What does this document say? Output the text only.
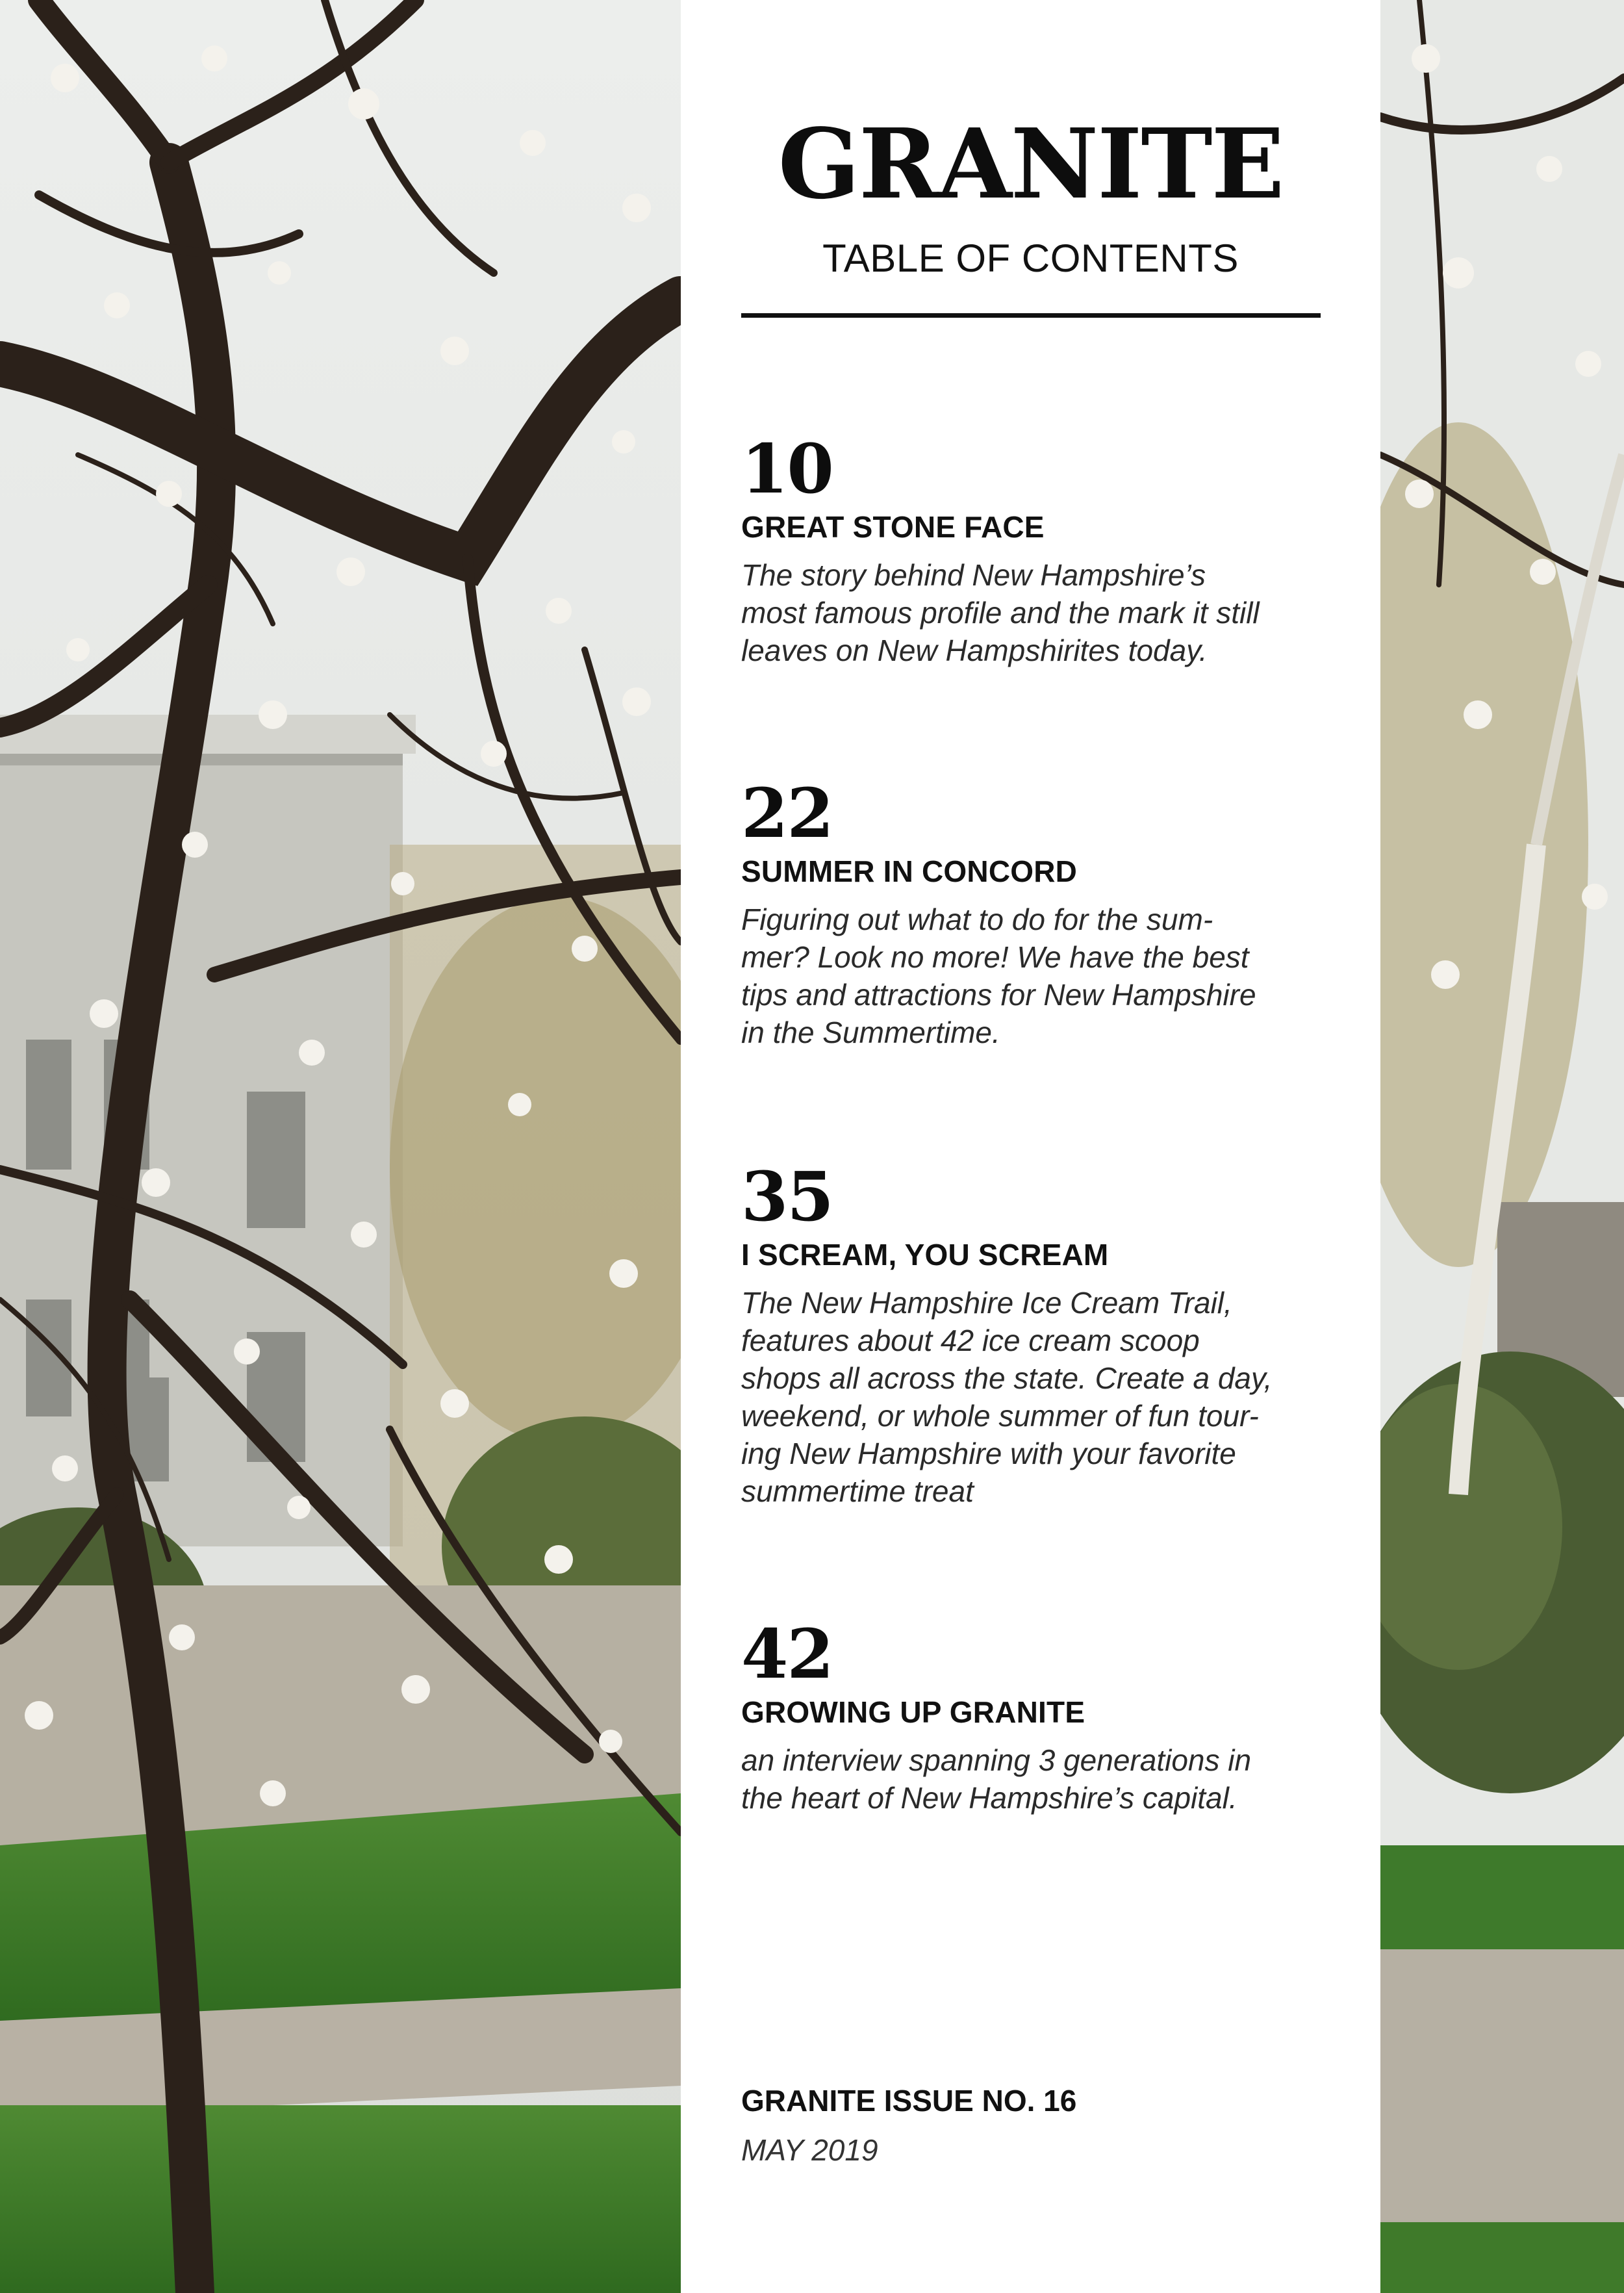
GRANITE
TABLE OF CONTENTS
10
GREAT STONE FACE
The story behind New Hampshire’s
most famous profile and the mark it still
leaves on New Hampshirites today.
22
SUMMER IN CONCORD
Figuring out what to do for the sum-
mer? Look no more! We have the best
tips and attractions for New Hampshire
in the Summertime.
35
I SCREAM, YOU SCREAM
The New Hampshire Ice Cream Trail,
features about 42 ice cream scoop
shops all across the state. Create a day,
weekend, or whole summer of fun tour-
ing New Hampshire with your favorite
summertime treat
42
GROWING UP GRANITE
an interview spanning 3 generations in
the heart of New Hampshire’s capital.
GRANITE ISSUE NO. 16
MAY 2019
